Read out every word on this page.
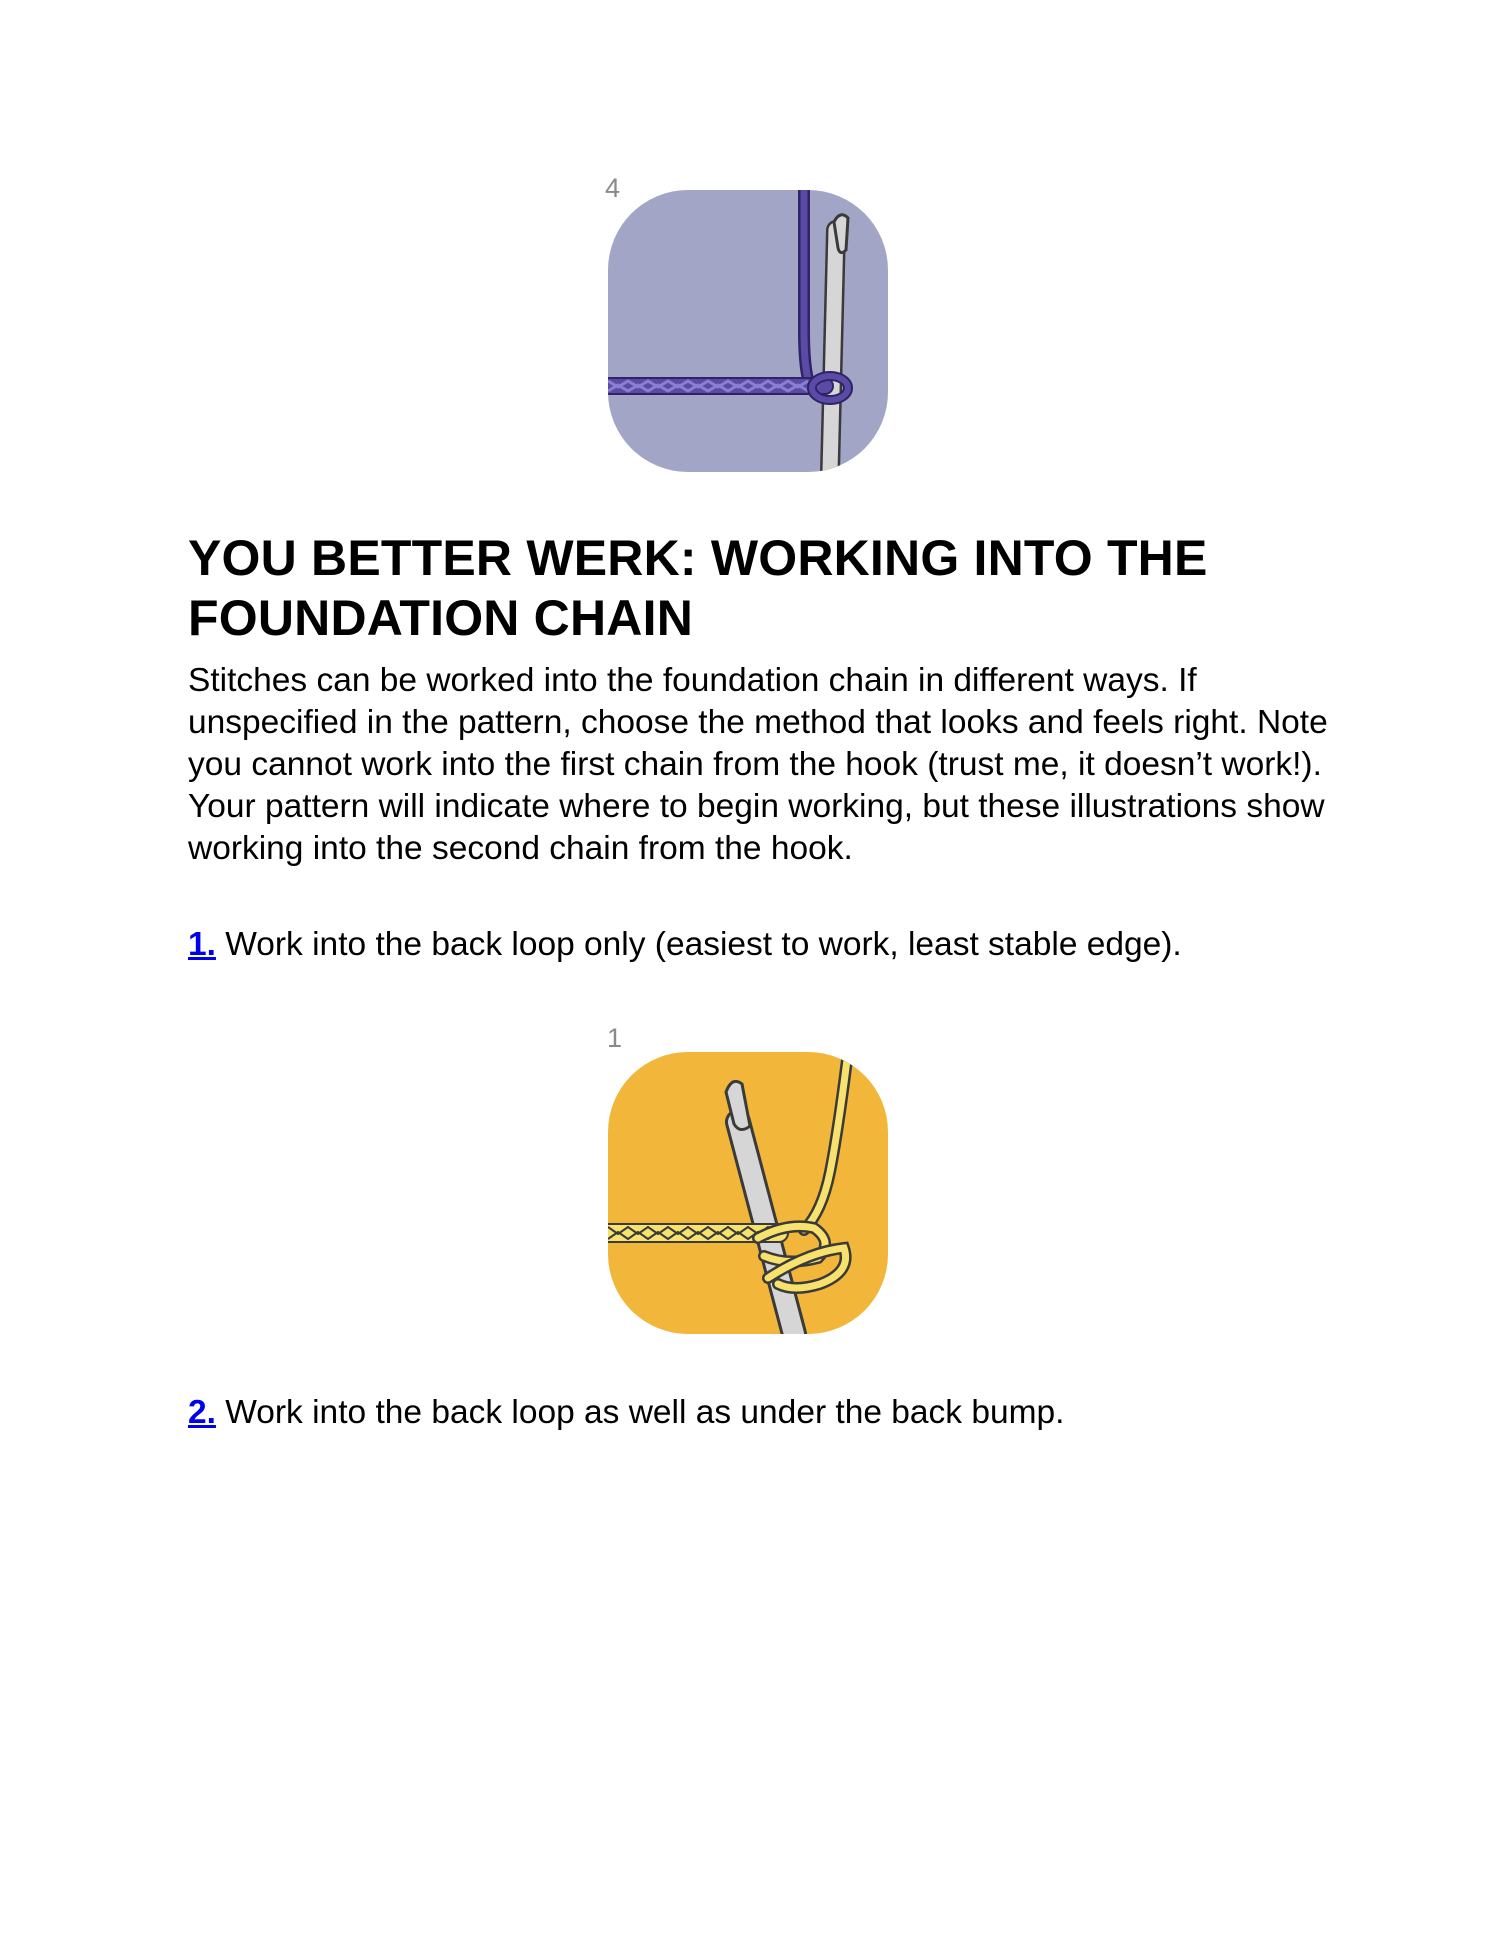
4
YOU BETTER WERK: WORKING INTO THE FOUNDATION CHAIN

Stitches can be worked into the foundation chain in different ways. If unspecified in the pattern, choose the method that looks and feels right. Note you cannot work into the first chain from the hook (trust me, it doesn’t work!). Your pattern will indicate where to begin working, but these illustrations show working into the second chain from the hook.

1. Work into the back loop only (easiest to work, least stable edge).

1

2. Work into the back loop as well as under the back bump.
